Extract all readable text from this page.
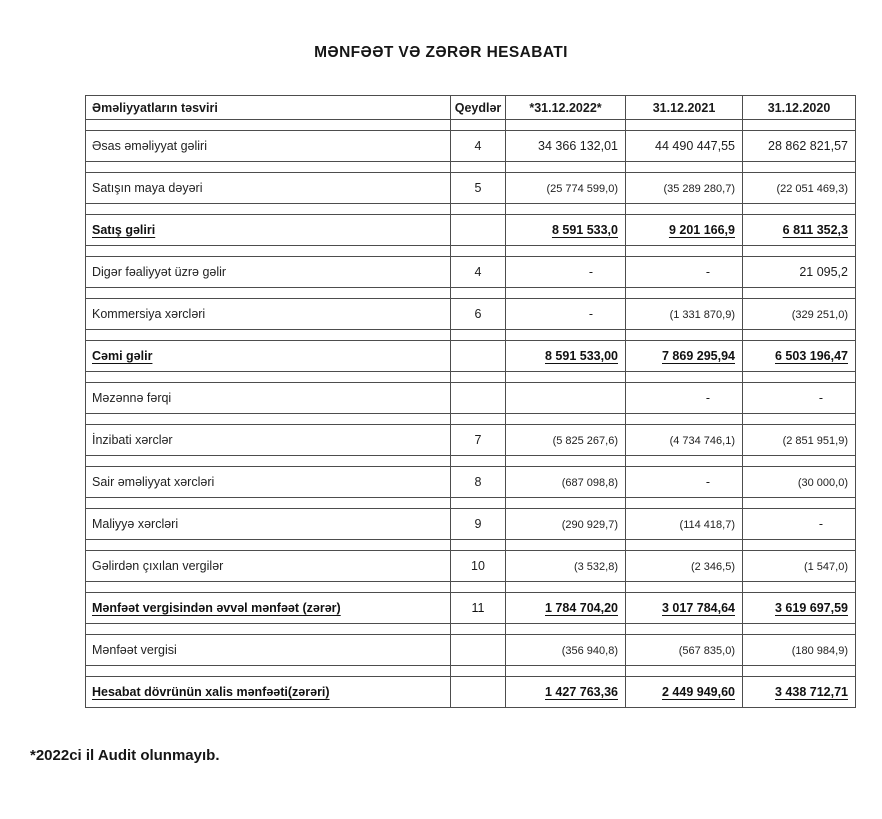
MƏNFƏƏT VƏ ZƏRƏR HESABATI
Əməliyyatların təsviri	Qeydlər	*31.12.2022*	31.12.2021	31.12.2020

Əsas əməliyyat gəliri	4	34 366 132,01	44 490 447,55	28 862 821,57

Satışın maya dəyəri	5	(25 774 599,0)	(35 289 280,7)	(22 051 469,3)

Satış gəliri		8 591 533,0	9 201 166,9	6 811 352,3

Digər fəaliyyət üzrə gəlir	4	-	-	21 095,2

Kommersiya xərcləri	6	-	(1 331 870,9)	(329 251,0)

Cəmi gəlir		8 591 533,00	7 869 295,94	6 503 196,47

Məzənnə fərqi			-	-

İnzibati xərclər	7	(5 825 267,6)	(4 734 746,1)	(2 851 951,9)

Sair əməliyyat xərcləri	8	(687 098,8)	-	(30 000,0)

Maliyyə xərcləri	9	(290 929,7)	(114 418,7)	-

Gəlirdən çıxılan vergilər	10	(3 532,8)	(2 346,5)	(1 547,0)

Mənfəət vergisindən əvvəl mənfəət (zərər)	11	1 784 704,20	3 017 784,64	3 619 697,59

Mənfəət vergisi		(356 940,8)	(567 835,0)	(180 984,9)

Hesabat dövrünün xalis mənfəəti(zərəri)		1 427 763,36	2 449 949,60	3 438 712,71
*2022ci il Audit olunmayıb.
